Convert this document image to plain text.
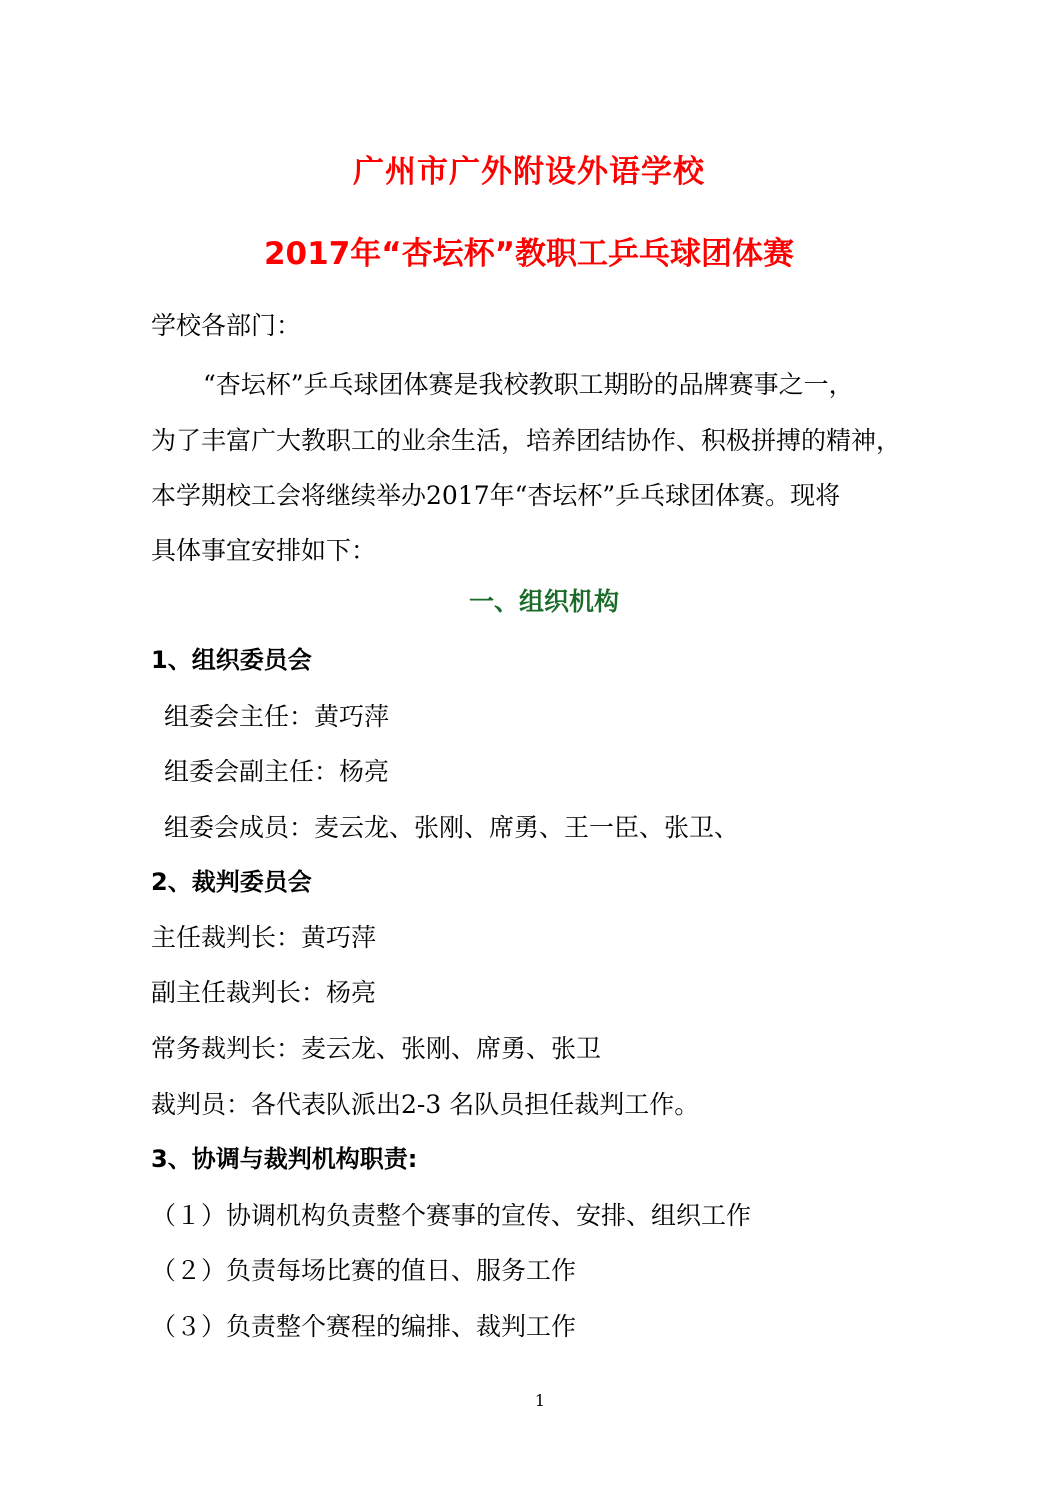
广州市广外附设外语学校
2017年“杏坛杯”教职工乒乓球团体赛
学校各部门：
“杏坛杯”乒乓球团体赛是我校教职工期盼的品牌赛事之一，
为了丰富广大教职工的业余生活，培养团结协作、积极拼搏的精神，
本学期校工会将继续举办2017年“杏坛杯”乒乓球团体赛。现将
具体事宜安排如下：
一、组织机构
1、组织委员会
组委会主任：黄巧萍
组委会副主任：杨亮
组委会成员：麦云龙、张刚、席勇、王一臣、张卫、
2、裁判委员会
主任裁判长：黄巧萍
副主任裁判长：杨亮
常务裁判长：麦云龙、张刚、席勇、张卫
裁判员：各代表队派出2-3 名队员担任裁判工作。
3、协调与裁判机构职责:
（１）协调机构负责整个赛事的宣传、安排、组织工作
（２）负责每场比赛的值日、服务工作
（３）负责整个赛程的编排、裁判工作
1
